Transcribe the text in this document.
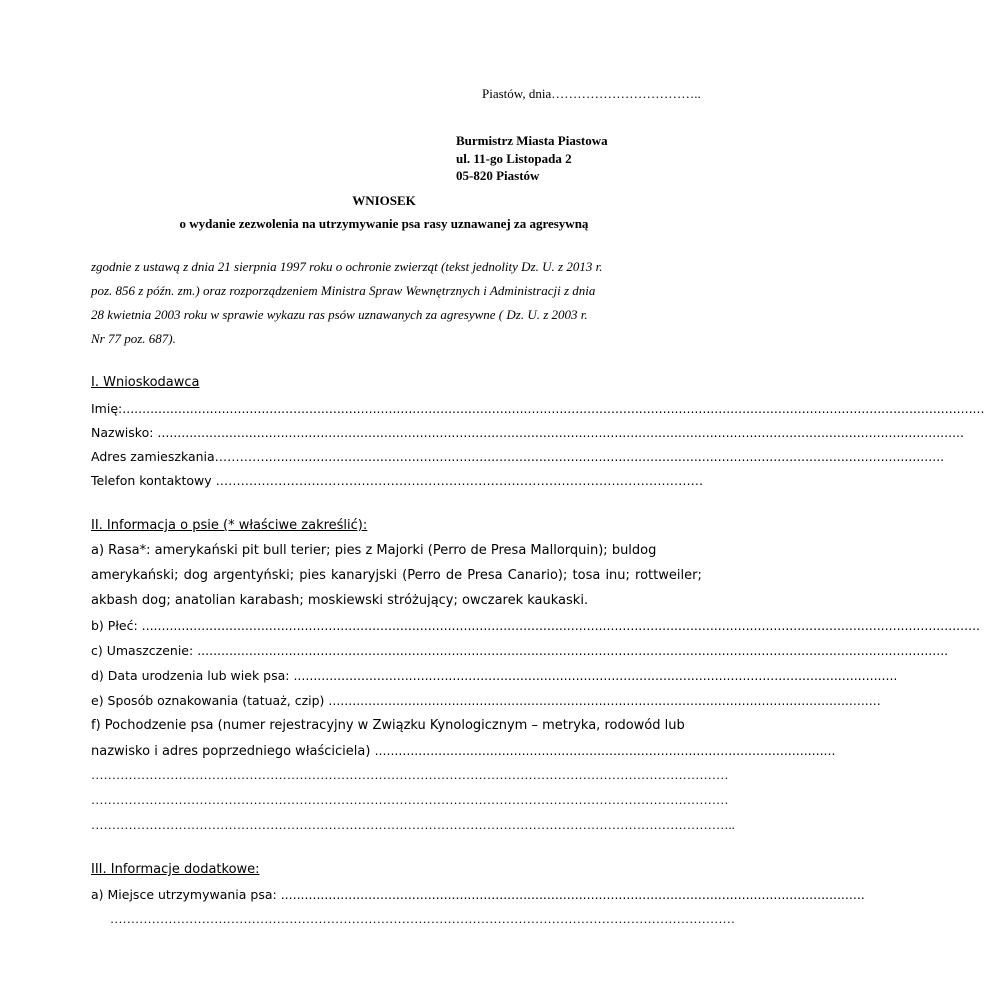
Piastów, dnia……………………………..
Burmistrz Miasta Piastowa
ul. 11-go Listopada 2
05-820 Piastów
WNIOSEK
o wydanie zezwolenia na utrzymywanie psa rasy uznawanej za agresywną
zgodnie z ustawą z dnia 21 sierpnia 1997 roku o ochronie zwierząt (tekst jednolity Dz. U. z 2013 r.
poz. 856 z późn. zm.) oraz rozporządzeniem Ministra Spraw Wewnętrznych i Administracji z dnia
28 kwietnia 2003 roku w sprawie wykazu ras psów uznawanych za agresywne ( Dz. U. z 2003 r.
Nr 77 poz. 687).
I. Wnioskodawca
Imię:.........................................................................................................................................................................................................................
Nazwisko: ...........................................................................................................................................................................................................
Adres zamieszkania…………...........................................................................................................................................................................
Telefon kontaktowy ………………………………………………………………………………………………………
II. Informacja o psie (* właściwe zakreślić):
a) Rasa*: amerykański pit bull terier; pies z Majorki (Perro de Presa Mallorquin); buldog
amerykański; dog argentyński; pies kanaryjski (Perro de Presa Canario); tosa inu; rottweiler;
akbash dog; anatolian karabash; moskiewski stróżujący; owczarek kaukaski.
b) Płeć: ...................................................................................................................................................................................................................
c) Umaszczenie: .............................................................................................................................................................................................
d) Data urodzenia lub wiek psa: ........................................................................................................................................................
e) Sposób oznakowania (tatuaż, czip) ...........................................................................................................................................
f) Pochodzenie psa (numer rejestracyjny w Związku Kynologicznym – metryka, rodowód lub
nazwisko i adres poprzedniego właściciela) ....................................................................................................................
………………………………………………………………………………………………………………………………………
………………………………………………………………………………………………………………………………………
………………………………………………………………………………………………………………………………………..
III. Informacje dodatkowe:
a) Miejsce utrzymywania psa: ...................................................................................................................................................
……………………………………………………………………………………………………………………………………
